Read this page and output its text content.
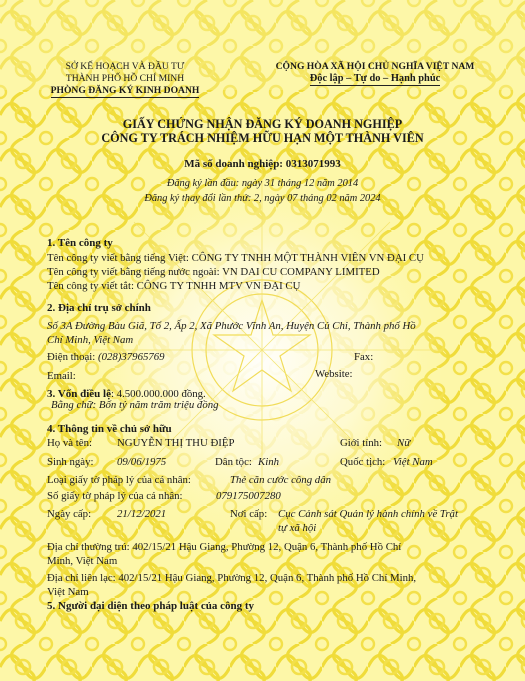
SỞ KẾ HOẠCH VÀ ĐẦU TƯ
THÀNH PHỐ HỒ CHÍ MINH
PHÒNG ĐĂNG KÝ KINH DOANH
CỘNG HÒA XÃ HỘI CHỦ NGHĨA VIỆT NAM
Độc lập – Tự do – Hạnh phúc
GIẤY CHỨNG NHẬN ĐĂNG KÝ DOANH NGHIỆP
CÔNG TY TRÁCH NHIỆM HỮU HẠN MỘT THÀNH VIÊN
Mã số doanh nghiệp: 0313071993
Đăng ký lần đầu: ngày 31 tháng 12 năm 2014
Đăng ký thay đổi lần thứ: 2, ngày 07 tháng 02 năm 2024
1. Tên công ty
Tên công ty viết bằng tiếng Việt: CÔNG TY TNHH MỘT THÀNH VIÊN VN ĐẠI CỤ
Tên công ty viết bằng tiếng nước ngoài: VN DAI CU COMPANY LIMITED
Tên công ty viết tắt: CÔNG TY TNHH MTV VN ĐẠI CỤ
2. Địa chỉ trụ sở chính
Số 3A Đường Bàu Giã, Tổ 2, Ấp 2, Xã Phước Vĩnh An, Huyện Củ Chi, Thành phố Hồ
Chí Minh, Việt Nam
Điện thoại: (028)37965769	Fax:
Email:	Website:
3. Vốn điều lệ: 4.500.000.000 đồng.
Bằng chữ: Bốn tỷ năm trăm triệu đồng
4. Thông tin về chủ sở hữu
Họ và tên: NGUYỄN THỊ THU ĐIỆP	Giới tính: Nữ
Sinh ngày: 09/06/1975	Dân tộc: Kinh	Quốc tịch: Việt Nam
Loại giấy tờ pháp lý của cá nhân:	Thẻ căn cước công dân
Số giấy tờ pháp lý của cá nhân:	079175007280
Ngày cấp: 21/12/2021	Nơi cấp: Cục Cảnh sát Quản lý hành chính về Trật
tự xã hội
Địa chỉ thường trú: 402/15/21 Hậu Giang, Phường 12, Quận 6, Thành phố Hồ Chí
Minh, Việt Nam
Địa chỉ liên lạc: 402/15/21 Hậu Giang, Phường 12, Quận 6, Thành phố Hồ Chí Minh,
Việt Nam
5. Người đại diện theo pháp luật của công ty
